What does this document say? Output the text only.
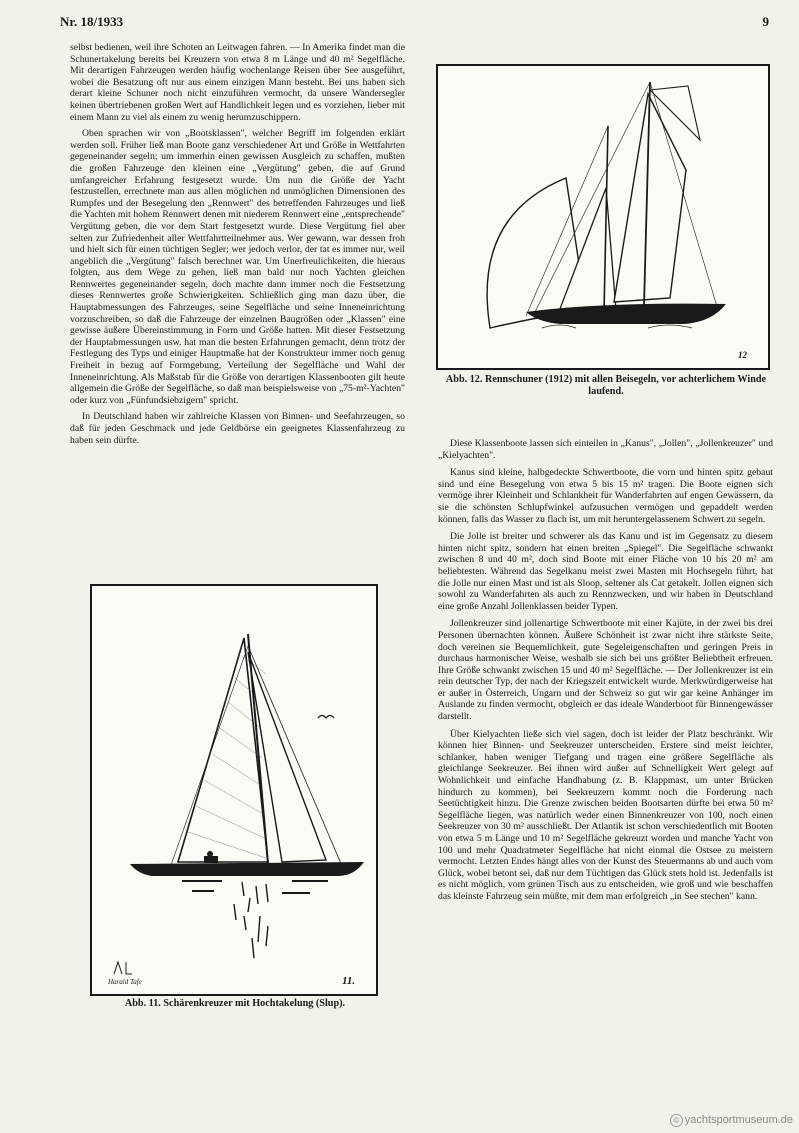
Nr. 18/1933	9

selbst bedienen, weil ihre Schoten an Leitwagen fahren. — In Amerika findet man die Schunertakelung bereits bei Kreuzern von etwa 8 m Länge und 40 m² Segelfläche. Mit derartigen Fahrzeugen werden häufig wochenlange Reisen über See ausgeführt, wobei die Besatzung oft nur aus einem einzigen Mann besteht. Bei uns haben sich derart kleine Schuner noch nicht einzuführen vermocht, da unsere Wandersegler keinen übertriebenen großen Wert auf Handlichkeit legen und es vorziehen, lieber mit einem Mann zu viel als einem zu wenig herumzuschippern.

Oben sprachen wir von „Bootsklassen", welcher Begriff im folgenden erklärt werden soll. Früher ließ man Boote ganz verschiedener Art und Größe in Wettfahrten gegeneinander segeln; um immerhin einen gewissen Ausgleich zu schaffen, mußten die großen Fahrzeuge den kleinen eine „Vergütung" geben, die auf Grund umfangreicher Erfahrung festgesetzt wurde. Um nun die Größe der Yacht festzustellen, errechnete man aus allen möglichen nd unmöglichen Dimensionen des Rumpfes und der Besegelung den „Rennwert" des betreffenden Fahrzeuges und ließ die Yachten mit hohem Rennwert denen mit niederem Rennwert eine „entsprechende" Vergütung geben, die vor dem Start festgesetzt wurde. Diese Vergütung fiel aber selten zur Zufriedenheit aller Wettfahrtteilnehmer aus. Wer gewann, war dessen froh und hielt sich für einen tüchtigen Segler; wer jedoch verlor, der tat es immer nur, weil angeblich die „Vergütung" falsch berechnet war. Um Unerfreulichkeiten, die hieraus folgten, aus dem Wege zu gehen, ließ man bald nur noch Yachten gleichen Rennwertes gegeneinander segeln, doch machte dann immer noch die Festsetzung dieses Rennwertes große Schwierigkeiten. Schließlich ging man dazu über, die Hauptabmessungen des Fahrzeuges, seine Segelfläche und seine Inneneinrichtung vorzuschreiben, so daß die Fahrzeuge der einzelnen Baugrößen oder „Klassen" eine gewisse äußere Übereinstimmung in Form und Größe hatten. Mit dieser Festsetzung der Hauptabmessungen usw. hat man die besten Erfahrungen gemacht, denn trotz der Festlegung des Typs und einiger Hauptmaße hat der Konstrukteur immer noch genug Freiheit in bezug auf Formgebung, Verteilung der Segelfläche und Wahl der Inneneinrichtung. Als Maßstab für die Größe von derartigen Klassenbooten gilt heute allgemein die Größe der Segelfläche, so daß man beispielsweise von „75-m²-Yachten" oder kurz von „Fünfundsiebzigern" spricht.

In Deutschland haben wir zahlreiche Klassen von Binnen- und Seefahrzeugen, so daß für jeden Geschmack und jede Geldbörse ein geeignetes Klassenfahrzeug zu haben sein dürfte.

Harald Tafe	11.
Abb. 11. Schärenkreuzer mit Hochtakelung (Slup).
12
Abb. 12. Rennschuner (1912) mit allen Beisegeln, vor achterlichem Winde laufend.

Diese Klassenboote lassen sich einteilen in „Kanus", „Jollen", „Jollenkreuzer" und „Kielyachten".

Kanus sind kleine, halbgedeckte Schwertboote, die vorn und hinten spitz gebaut sind und eine Besegelung von etwa 5 bis 15 m² tragen. Die Boote eignen sich vermöge ihrer Kleinheit und Schlankheit für Wanderfahrten auf engen Gewässern, da sie die schönsten Schlupfwinkel aufzusuchen vermögen und gepaddelt werden können, falls das Wasser zu flach ist, um mit heruntergelassenem Schwert zu segeln.

Die Jolle ist breiter und schwerer als das Kanu und ist im Gegensatz zu diesem hinten nicht spitz, sondern hat einen breiten „Spiegel". Die Segelfläche schwankt zwischen 8 und 40 m², doch sind Boote mit einer Fläche von 10 bis 20 m² am beliebtesten. Während das Segelkanu meist zwei Masten mit Hochsegeln führt, hat die Jolle nur einen Mast und ist als Sloop, seltener als Cat getakelt. Jollen eignen sich sowohl zu Wanderfahrten als auch zu Rennzwecken, und wir haben in Deutschland eine große Anzahl Jollenklassen beider Typen.

Jollenkreuzer sind jollenartige Schwertboote mit einer Kajüte, in der zwei bis drei Personen übernachten können. Äußere Schönheit ist zwar nicht ihre stärkste Seite, doch vereinen sie Bequemlichkeit, gute Segeleigenschaften und geringen Preis in durchaus harmonischer Weise, weshalb sie sich bei uns größter Beliebtheit erfreuen. Ihre Größe schwankt zwischen 15 und 40 m² Segelfläche. — Der Jollenkreuzer ist ein rein deutscher Typ, der nach der Kriegszeit entwickelt wurde. Merkwürdigerweise hat er außer in Österreich, Ungarn und der Schweiz so gut wir gar keine Anhänger im Auslande zu finden vermocht, obgleich er das ideale Wanderboot für Binnengewässer darstellt.

Über Kielyachten ließe sich viel sagen, doch ist leider der Platz beschränkt. Wir können hier Binnen- und Seekreuzer unterscheiden. Erstere sind meist leichter, schlanker, haben weniger Tiefgang und tragen eine größere Segelfläche als gleichlange Seekreuzer. Bei ihnen wird außer auf Schnelligkeit Wert gelegt auf Wohnlichkeit und einfache Handhabung (z. B. Klappmast, um unter Brücken hindurch zu kommen), bei Seekreuzern kommt noch die Forderung nach Seetüchtigkeit hinzu. Die Grenze zwischen beiden Bootsarten dürfte bei etwa 50 m² Segelfläche liegen, was natürlich weder einen Binnenkreuzer von 100, noch einen Seekreuzer von 30 m² ausschließt. Der Atlantik ist schon verschiedentlich mit Booten von etwa 5 m Länge und 10 m² Segelfläche gekreuzt worden und manche Yacht von 100 und mehr Quadratmeter Segelfläche hat nicht einmal die Ostsee zu meistern vermocht. Letzten Endes hängt alles von der Kunst des Steuermanns ab und auch vom Glück, wobei betont sei, daß nur dem Tüchtigen das Glück stets hold ist. Jedenfalls ist es nicht möglich, vom grünen Tisch aus zu entscheiden, wie groß und wie beschaffen das kleinste Fahrzeug sein müßte, mit dem man erfolgreich „in See stechen" kann.

© yachtsportmuseum.de
